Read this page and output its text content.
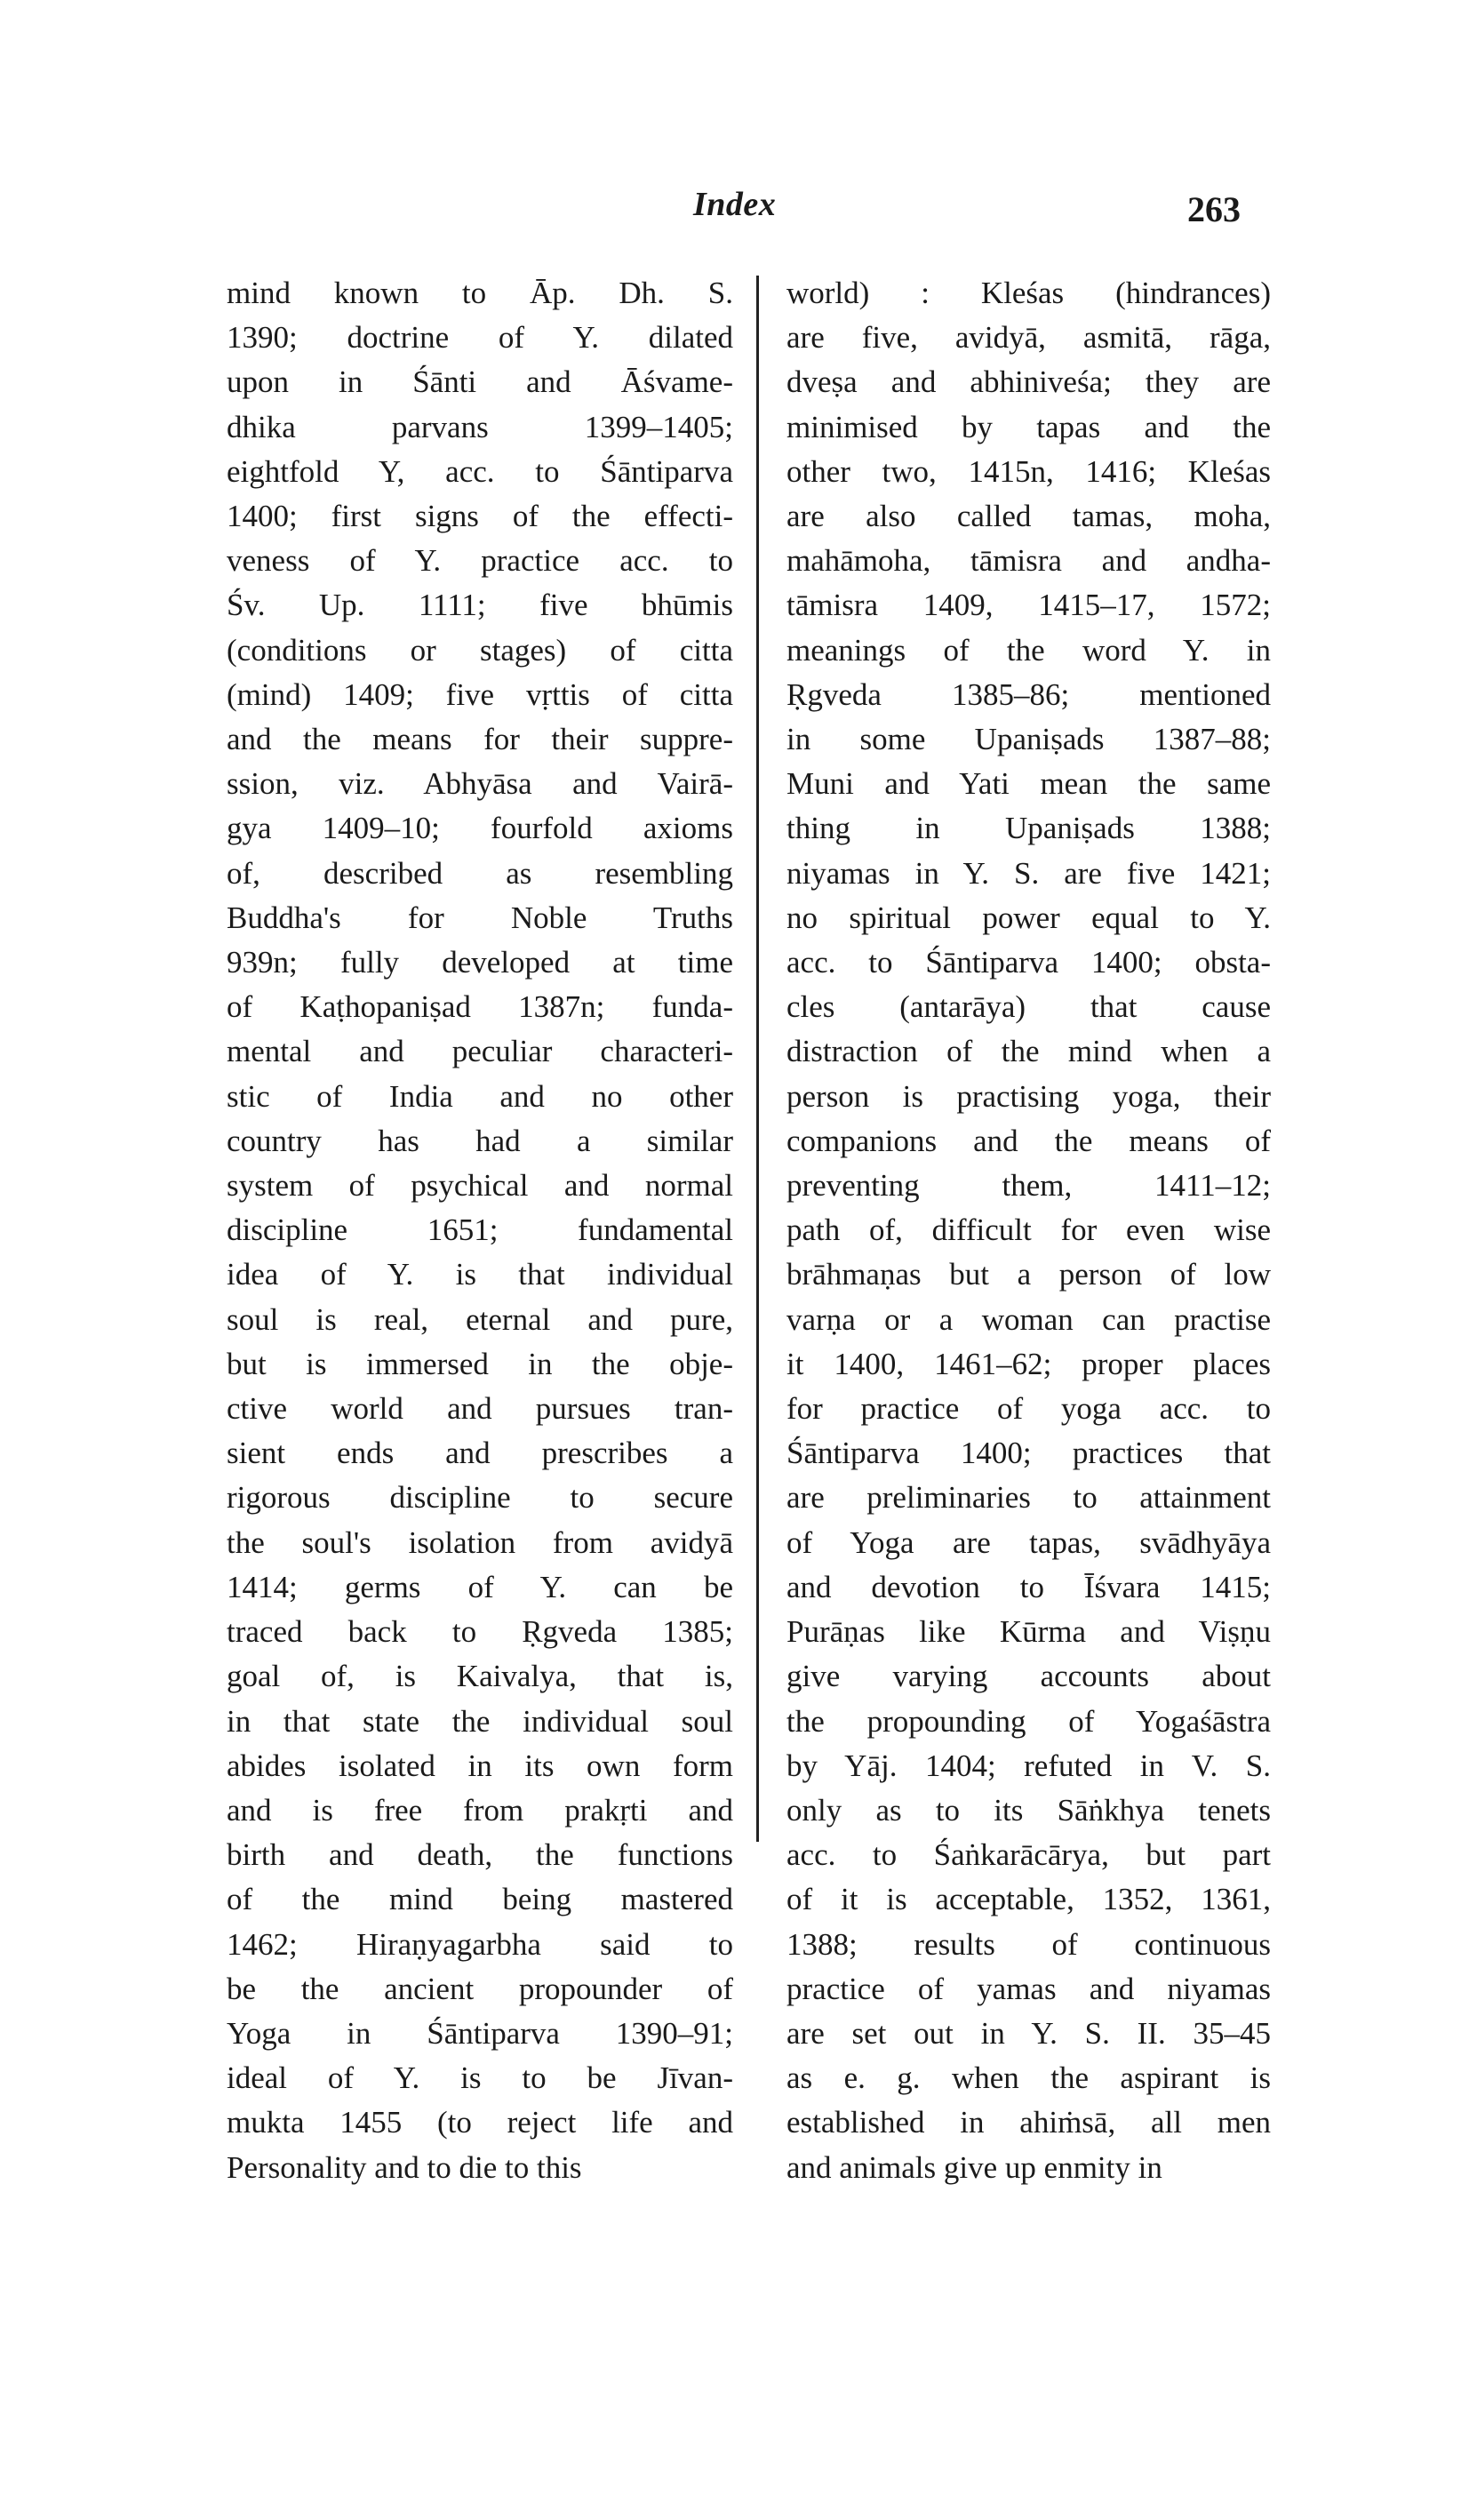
Index	263
mind known to Āp. Dh. S.
1390; doctrine of Y. dilated
upon in Śānti and Āśvame-
dhika parvans 1399–1405;
eightfold Y, acc. to Śāntiparva
1400; first signs of the effecti-
veness of Y. practice acc. to
Śv. Up. 1111; five bhūmis
(conditions or stages) of citta
(mind) 1409; five vṛttis of citta
and the means for their suppre-
ssion, viz. Abhyāsa and Vairā-
gya 1409–10; fourfold axioms
of, described as resembling
Buddha's for Noble Truths
939n; fully developed at time
of Kaṭhopaniṣad 1387n; funda-
mental and peculiar characteri-
stic of India and no other
country has had a similar
system of psychical and normal
discipline 1651; fundamental
idea of Y. is that individual
soul is real, eternal and pure,
but is immersed in the obje-
ctive world and pursues tran-
sient ends and prescribes a
rigorous discipline to secure
the soul's isolation from avidyā
1414; germs of Y. can be
traced back to Ṛgveda 1385;
goal of, is Kaivalya, that is,
in that state the individual soul
abides isolated in its own form
and is free from prakṛti and
birth and death, the functions
of the mind being mastered
1462; Hiraṇyagarbha said to
be the ancient propounder of
Yoga in Śāntiparva 1390–91;
ideal of Y. is to be Jīvan-
mukta 1455 (to reject life and
Personality and to die to this
world) : Kleśas (hindrances)
are five, avidyā, asmitā, rāga,
dveṣa and abhiniveśa; they are
minimised by tapas and the
other two, 1415n, 1416; Kleśas
are also called tamas, moha,
mahāmoha, tāmisra and andha-
tāmisra 1409, 1415–17, 1572;
meanings of the word Y. in
Ṛgveda 1385–86; mentioned
in some Upaniṣads 1387–88;
Muni and Yati mean the same
thing in Upaniṣads 1388;
niyamas in Y. S. are five 1421;
no spiritual power equal to Y.
acc. to Śāntiparva 1400; obsta-
cles (antarāya) that cause
distraction of the mind when a
person is practising yoga, their
companions and the means of
preventing them, 1411–12;
path of, difficult for even wise
brāhmaṇas but a person of low
varṇa or a woman can practise
it 1400, 1461–62; proper places
for practice of yoga acc. to
Śāntiparva 1400; practices that
are preliminaries to attainment
of Yoga are tapas, svādhyāya
and devotion to Īśvara 1415;
Purāṇas like Kūrma and Viṣṇu
give varying accounts about
the propounding of Yogaśāstra
by Yāj. 1404; refuted in V. S.
only as to its Sāṅkhya tenets
acc. to Śaṅkarācārya, but part
of it is acceptable, 1352, 1361,
1388; results of continuous
practice of yamas and niyamas
are set out in Y. S. II. 35–45
as e. g. when the aspirant is
established in ahiṁsā, all men
and animals give up enmity in
